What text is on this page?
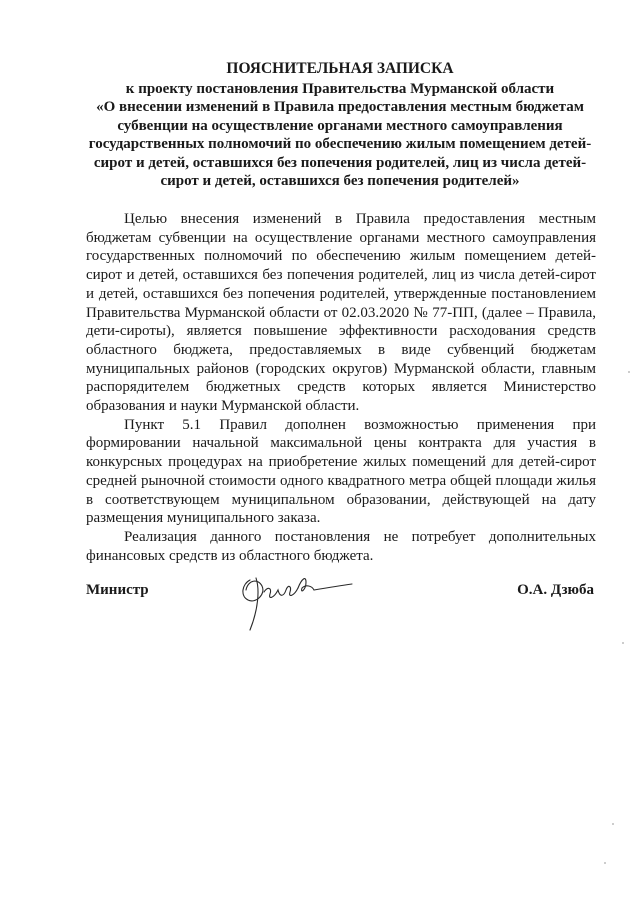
ПОЯСНИТЕЛЬНАЯ ЗАПИСКА
к проекту постановления Правительства Мурманской области
«О внесении изменений в Правила предоставления местным бюджетам
субвенции на осуществление органами местного самоуправления
государственных полномочий по обеспечению жилым помещением детей-
сирот и детей, оставшихся без попечения родителей, лиц из числа детей-
сирот и детей, оставшихся без попечения родителей»

Целью внесения изменений в Правила предоставления местным бюджетам субвенции на осуществление органами местного самоуправления государственных полномочий по обеспечению жилым помещением детей-сирот и детей, оставшихся без попечения родителей, лиц из числа детей-сирот и детей, оставшихся без попечения родителей, утвержденные постановлением Правительства Мурманской области от 02.03.2020 № 77-ПП, (далее – Правила, дети-сироты), является повышение эффективности расходования средств областного бюджета, предоставляемых в виде субвенций бюджетам муниципальных районов (городских округов) Мурманской области, главным распорядителем бюджетных средств которых является Министерство образования и науки Мурманской области.

Пункт 5.1 Правил дополнен возможностью применения при формировании начальной максимальной цены контракта для участия в конкурсных процедурах на приобретение жилых помещений для детей-сирот средней рыночной стоимости одного квадратного метра общей площади жилья в соответствующем муниципальном образовании, действующей на дату размещения муниципального заказа.

Реализация данного постановления не потребует дополнительных финансовых средств из областного бюджета.

Министр	О.А. Дзюба
